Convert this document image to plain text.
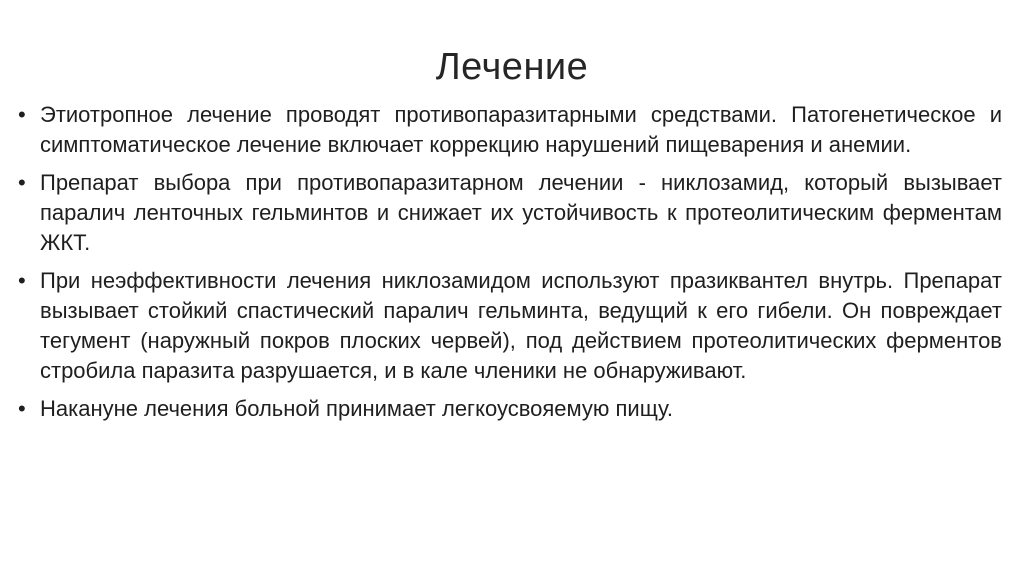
Лечение
• Этиотропное лечение проводят противопаразитарными средствами. Патогенетическое и симптоматическое лечение включает коррекцию нарушений пищеварения и анемии.
• Препарат выбора при противопаразитарном лечении - никлозамид, который вызывает паралич ленточных гельминтов и снижает их устойчивость к протеолитическим ферментам ЖКТ.
• При неэффективности лечения никлозамидом используют празиквантел внутрь. Препарат вызывает стойкий спастический паралич гельминта, ведущий к его гибели. Он повреждает тегумент (наружный покров плоских червей), под действием протеолитических ферментов стробила паразита разрушается, и в кале членики не обнаруживают.
• Накануне лечения больной принимает легкоусвояемую пищу.
